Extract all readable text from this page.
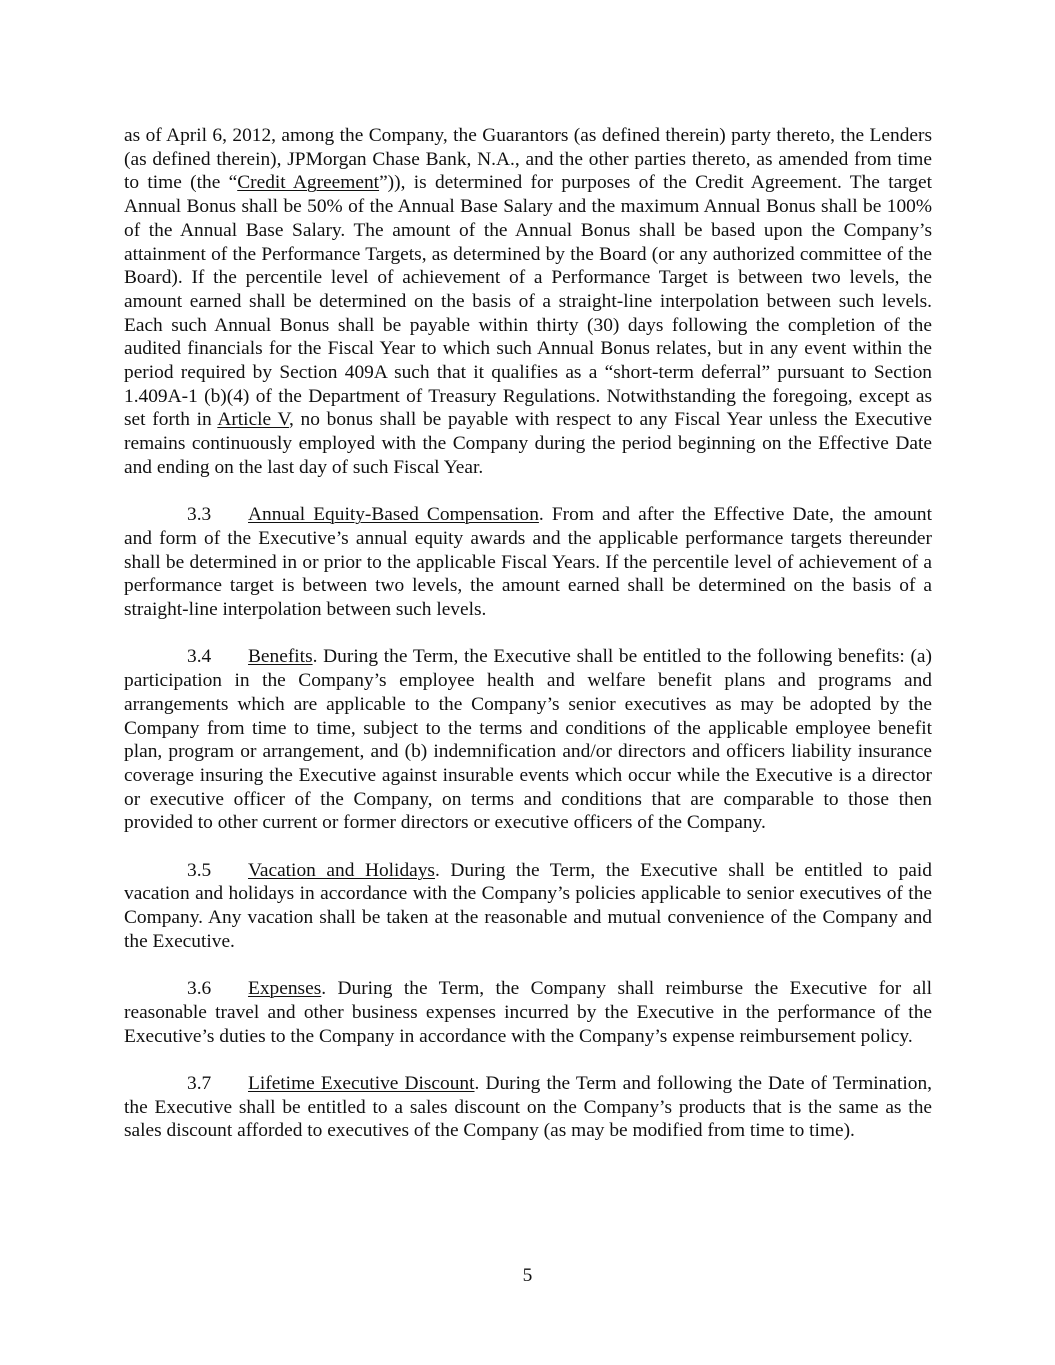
as of April 6, 2012, among the Company, the Guarantors (as defined therein) party thereto, the Lenders (as defined therein), JPMorgan Chase Bank, N.A., and the other parties thereto, as amended from time to time (the “Credit Agreement”)), is determined for purposes of the Credit Agreement. The target Annual Bonus shall be 50% of the Annual Base Salary and the maximum Annual Bonus shall be 100% of the Annual Base Salary. The amount of the Annual Bonus shall be based upon the Company’s attainment of the Performance Targets, as determined by the Board (or any authorized committee of the Board). If the percentile level of achievement of a Performance Target is between two levels, the amount earned shall be determined on the basis of a straight-line interpolation between such levels. Each such Annual Bonus shall be payable within thirty (30) days following the completion of the audited financials for the Fiscal Year to which such Annual Bonus relates, but in any event within the period required by Section 409A such that it qualifies as a “short-term deferral” pursuant to Section 1.409A-1 (b)(4) of the Department of Treasury Regulations. Notwithstanding the foregoing, except as set forth in Article V, no bonus shall be payable with respect to any Fiscal Year unless the Executive remains continuously employed with the Company during the period beginning on the Effective Date and ending on the last day of such Fiscal Year.

3.3 Annual Equity-Based Compensation. From and after the Effective Date, the amount and form of the Executive’s annual equity awards and the applicable performance targets thereunder shall be determined in or prior to the applicable Fiscal Years. If the percentile level of achievement of a performance target is between two levels, the amount earned shall be determined on the basis of a straight-line interpolation between such levels.

3.4 Benefits. During the Term, the Executive shall be entitled to the following benefits: (a) participation in the Company’s employee health and welfare benefit plans and programs and arrangements which are applicable to the Company’s senior executives as may be adopted by the Company from time to time, subject to the terms and conditions of the applicable employee benefit plan, program or arrangement, and (b) indemnification and/or directors and officers liability insurance coverage insuring the Executive against insurable events which occur while the Executive is a director or executive officer of the Company, on terms and conditions that are comparable to those then provided to other current or former directors or executive officers of the Company.

3.5 Vacation and Holidays. During the Term, the Executive shall be entitled to paid vacation and holidays in accordance with the Company’s policies applicable to senior executives of the Company. Any vacation shall be taken at the reasonable and mutual convenience of the Company and the Executive.

3.6 Expenses. During the Term, the Company shall reimburse the Executive for all reasonable travel and other business expenses incurred by the Executive in the performance of the Executive’s duties to the Company in accordance with the Company’s expense reimbursement policy.

3.7 Lifetime Executive Discount. During the Term and following the Date of Termination, the Executive shall be entitled to a sales discount on the Company’s products that is the same as the sales discount afforded to executives of the Company (as may be modified from time to time).

5
